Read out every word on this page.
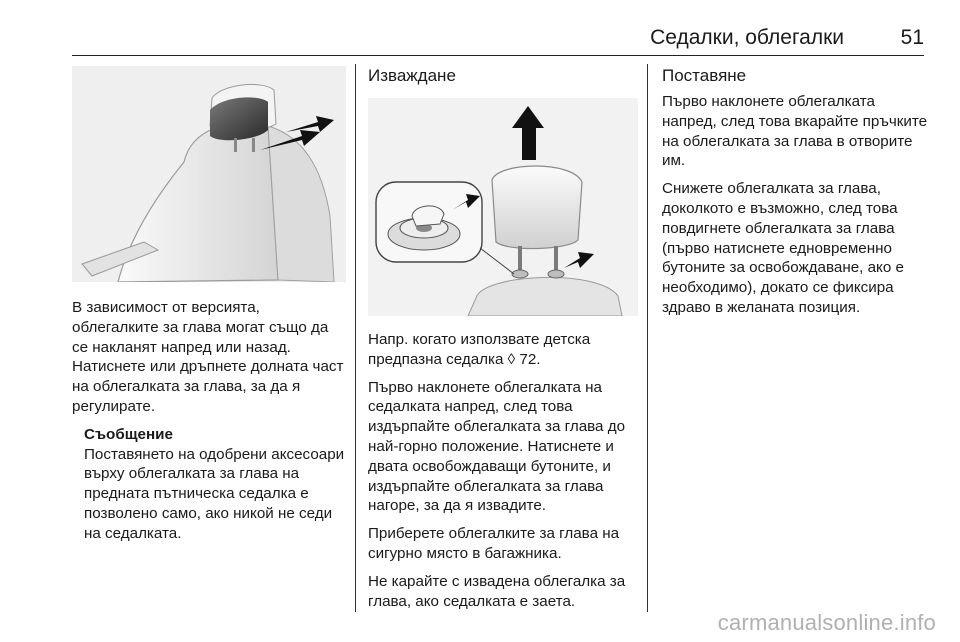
Седалки, облегалки	51

В зависимост от версията, облегалките за глава могат също да се накланят напред или назад. Натиснете или дръпнете долната част на облегалката за глава, за да я регулирате.

Съобщение
Поставянето на одобрени аксесоари върху облегалката за глава на предната пътническа седалка е позволено само, ако никой не седи на седалката.
Изваждане

Напр. когато използвате детска предпазна седалка ◊ 72.

Първо наклонете облегалката на седалката напред, след това издърпайте облегалката за глава до най-горно положение. Натиснете и двата освобождаващи бутоните, и издърпайте облегалката за глава нагоре, за да я извадите.

Приберете облегалките за глава на сигурно място в багажника.

Не карайте с извадена облегалка за глава, ако седалката е заета.

Поставяне

Първо наклонете облегалката напред, след това вкарайте пръчките на облегалката за глава в отворите им.

Снижете облегалката за глава, доколкото е възможно, след това повдигнете облегалката за глава (първо натиснете едновременно бутоните за освобождаване, ако е необходимо), докато се фиксира здраво в желаната позиция.

carmanualsonline.info
